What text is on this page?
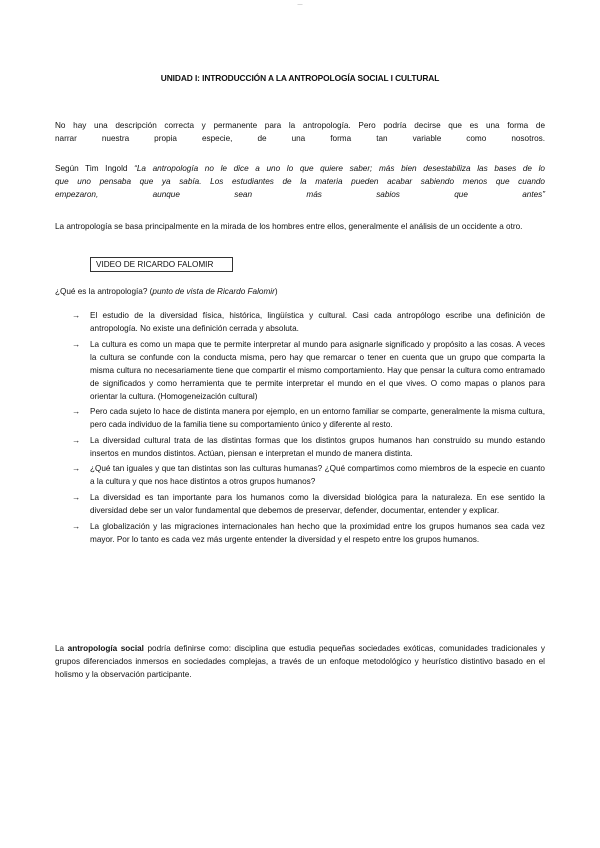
—
UNIDAD I: INTRODUCCIÓN A LA ANTROPOLOGÍA SOCIAL I CULTURAL
No hay una descripción correcta y permanente para la antropología. Pero podría decirse que es una forma de
narrar nuestra propia especie, de una forma tan variable como nosotros.
Según Tim Ingold “La antropología no le dice a uno lo que quiere saber; más bien desestabiliza las bases de lo
que uno pensaba que ya sabía. Los estudiantes de la materia pueden acabar sabiendo menos que cuando
empezaron, aunque sean más sabios que antes”
La antropología se basa principalmente en la mirada de los hombres entre ellos, generalmente el análisis de un occidente a otro.
VIDEO DE RICARDO FALOMIR
¿Qué es la antropología? (punto de vista de Ricardo Falomir)
→ El estudio de la diversidad física, histórica, lingüística y cultural. Casi cada antropólogo escribe una definición de antropología. No existe una definición cerrada y absoluta.
→ La cultura es como un mapa que te permite interpretar al mundo para asignarle significado y propósito a las cosas. A veces la cultura se confunde con la conducta misma, pero hay que remarcar o tener en cuenta que un grupo que comparta la misma cultura no necesariamente tiene que compartir el mismo comportamiento. Hay que pensar la cultura como entramado de significados y como herramienta que te permite interpretar el mundo en el que vives. O como mapas o planos para orientar la cultura. (Homogeneización cultural)
→ Pero cada sujeto lo hace de distinta manera por ejemplo, en un entorno familiar se comparte, generalmente la misma cultura, pero cada individuo de la familia tiene su comportamiento único y diferente al resto.
→ La diversidad cultural trata de las distintas formas que los distintos grupos humanos han construido su mundo estando insertos en mundos distintos. Actúan, piensan e interpretan el mundo de manera distinta.
→ ¿Qué tan iguales y que tan distintas son las culturas humanas? ¿Qué compartimos como miembros de la especie en cuanto a la cultura y que nos hace distintos a otros grupos humanos?
→ La diversidad es tan importante para los humanos como la diversidad biológica para la naturaleza. En ese sentido la diversidad debe ser un valor fundamental que debemos de preservar, defender, documentar, entender y explicar.
→ La globalización y las migraciones internacionales han hecho que la proximidad entre los grupos humanos sea cada vez mayor. Por lo tanto es cada vez más urgente entender la diversidad y el respeto entre los grupos humanos.
La antropología social podría definirse como: disciplina que estudia pequeñas sociedades exóticas, comunidades tradicionales y grupos diferenciados inmersos en sociedades complejas, a través de un enfoque metodológico y heurístico distintivo basado en el holismo y la observación participante.
